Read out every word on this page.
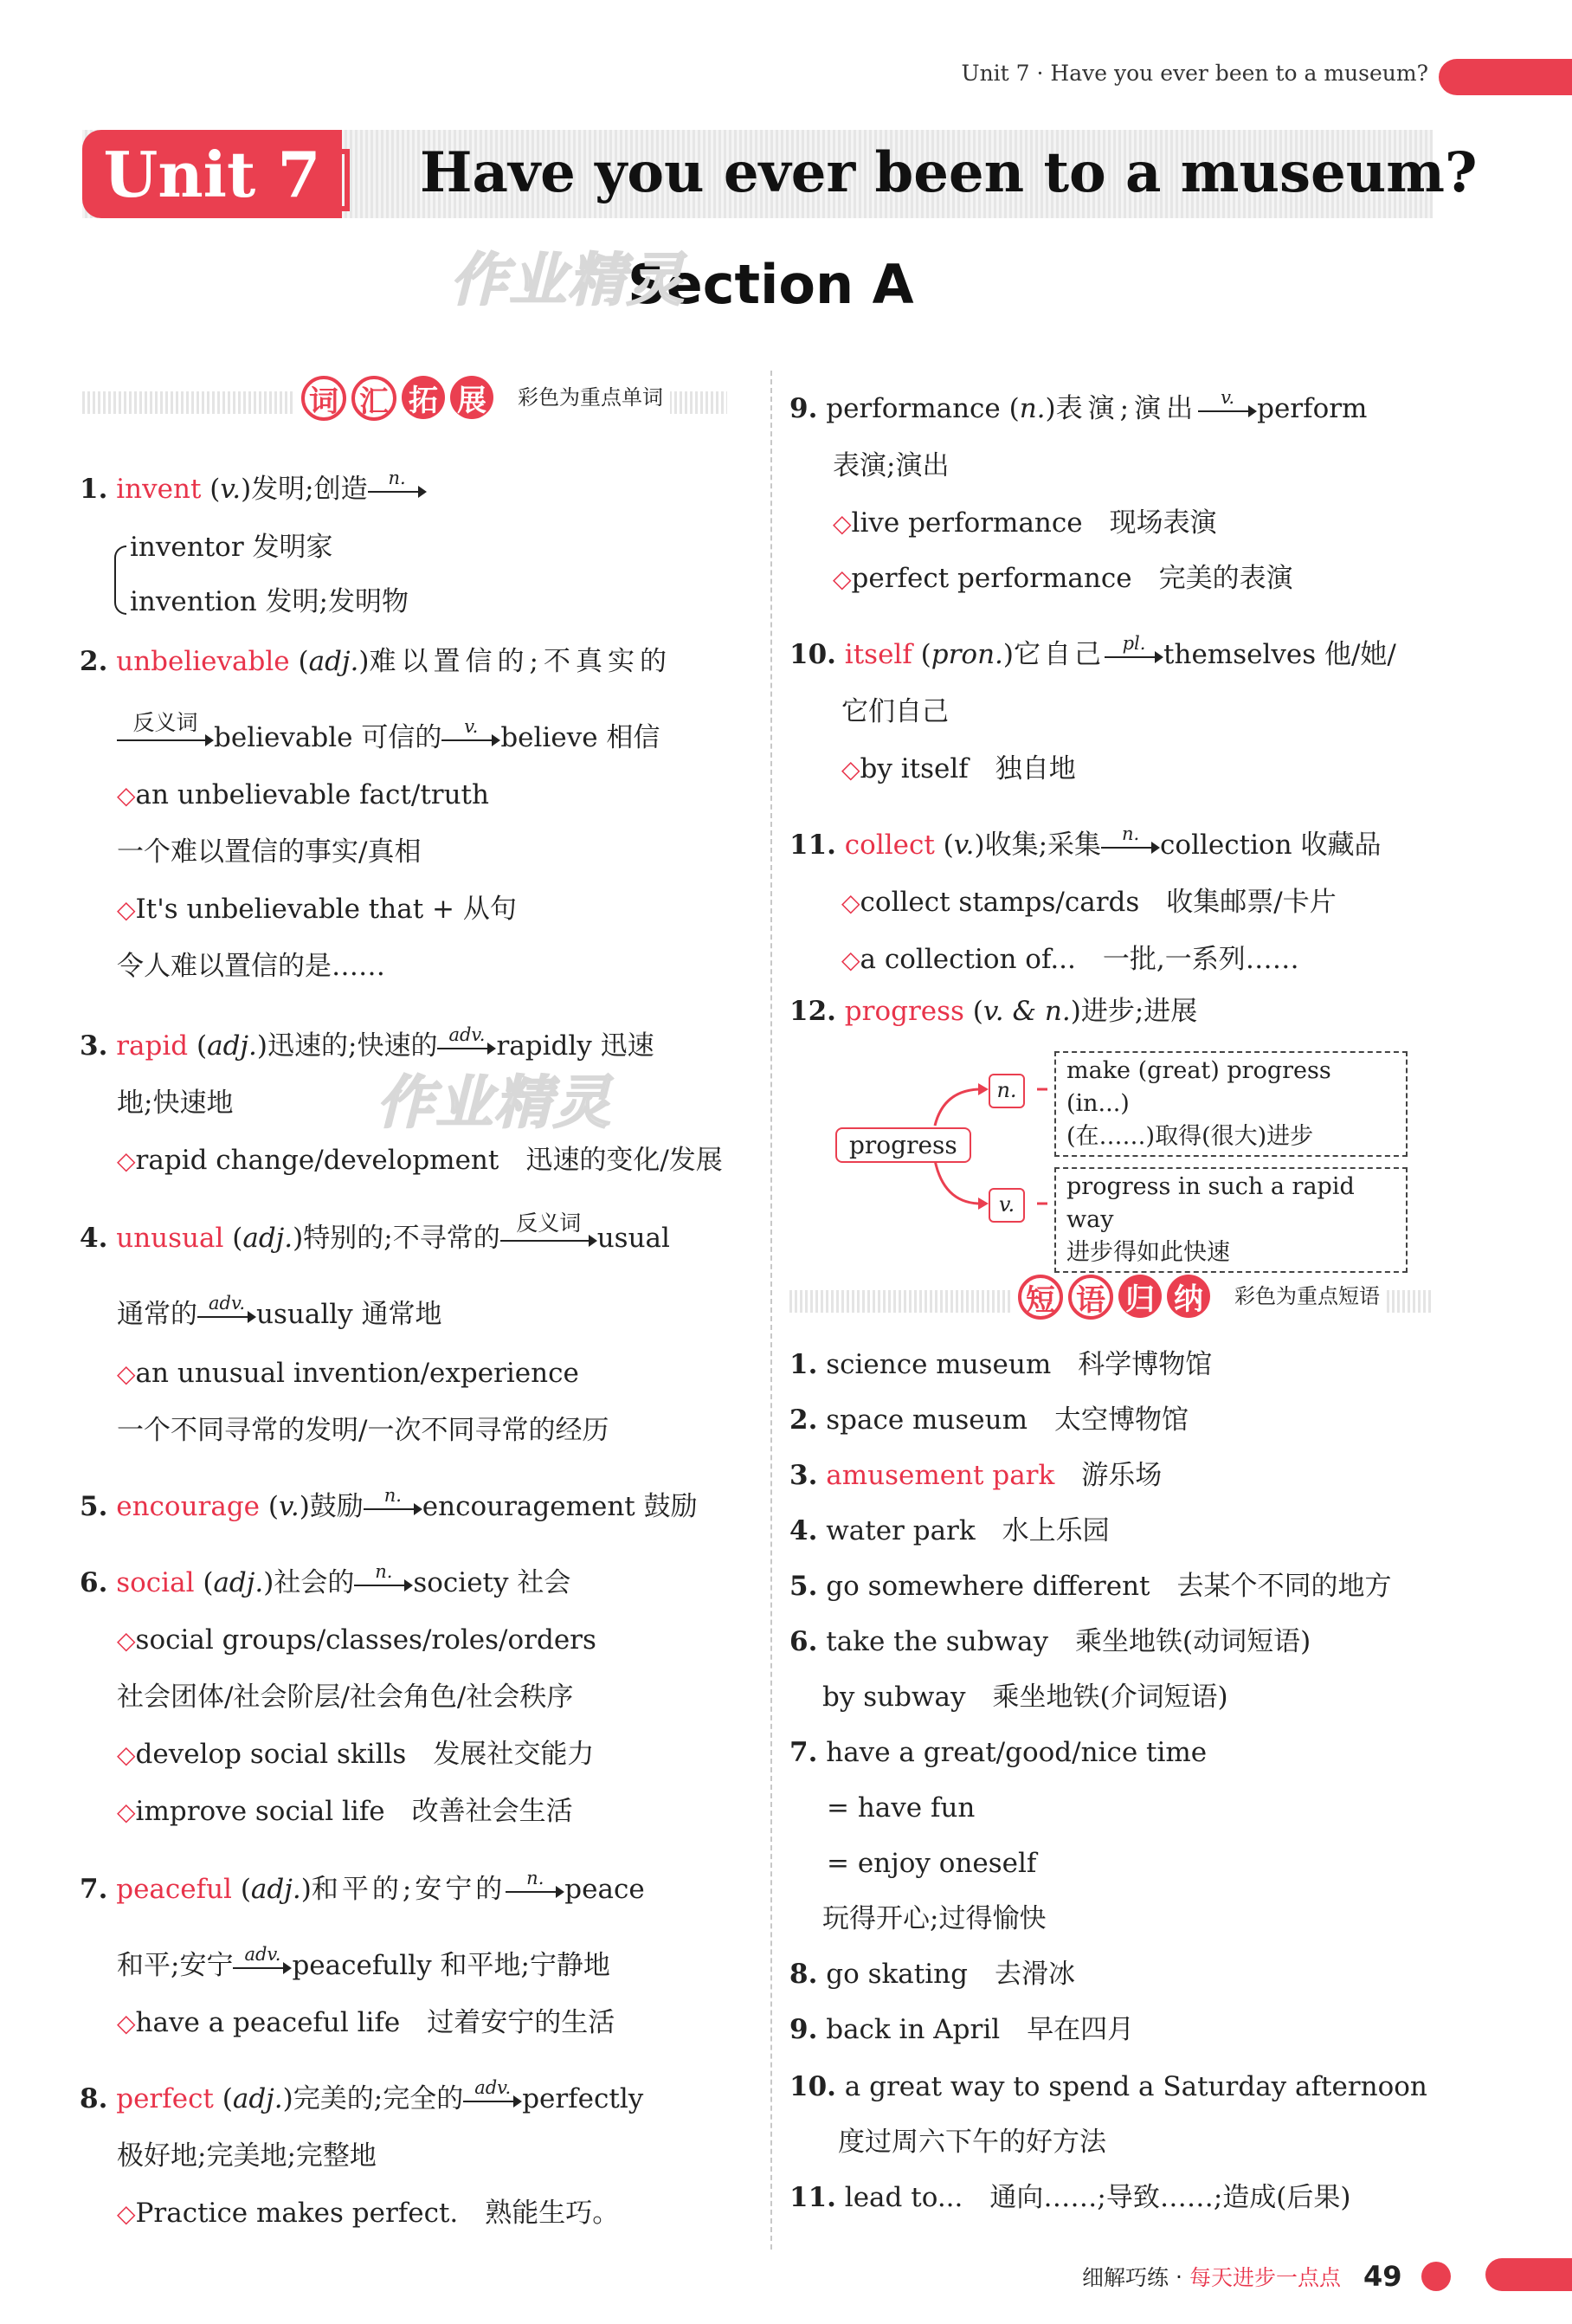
Unit 7 · Have you ever been to a museum?
Unit 7	Have you ever been to a museum?
Section A
作业精灵
作业精灵
词 汇 拓 展	彩色为重点单词
1. invent (v.)发明;创造	n.
inventor 发明家
invention 发明;发明物
2. unbelievable (adj.)难以置信的;不真实的
反义词 believable 可信的	v. believe 相信
◇an unbelievable fact/truth
一个难以置信的事实/真相
◇It's unbelievable that + 从句
令人难以置信的是……
3. rapid (adj.)迅速的;快速的 adv. rapidly 迅速
地;快速地
◇rapid change/development　 迅速的变化/发展
4. unusual (adj.)特别的;不寻常的 反义词 usual
通常的 adv. usually 通常地
◇an unusual invention/experience
一个不同寻常的发明/一次不同寻常的经历
5. encourage (v.)鼓励	n. encouragement 鼓励
6. social (adj.)社会的	n. society 社会
◇social groups/classes/roles/orders
社会团体/社会阶层/社会角色/社会秩序
◇develop social skills　 发展社交能力
◇improve social life　 改善社会生活
7. peaceful (adj.)和平的;安宁的	n. peace
和平;安宁 adv. peacefully 和平地;宁静地
◇have a peaceful life　 过着安宁的生活
8. perfect (adj.)完美的;完全的 adv. perfectly
极好地;完美地;完整地
◇Practice makes perfect.　 熟能生巧。
9. performance (n.)表演;演出	v. perform
表演;演出
◇live performance　 现场表演
◇perfect performance　 完美的表演
10. itself (pron.)它自己 pl. themselves 他/她/
它们自己
◇by itself　 独自地
11. collect (v.)收集;采集	n. collection 收藏品
◇collect stamps/cards　 收集邮票/卡片
◇a collection of...　 一批,一系列……
12. progress (v. & n.)进步;进展
progress
n.
v.
make (great) progress (in...)
(在……)取得(很大)进步
progress in such a rapid way
进步得如此快速
短 语 归 纳	彩色为重点短语
1. science museum　 科学博物馆
2. space museum　 太空博物馆
3. amusement park　 游乐场
4. water park　 水上乐园
5. go somewhere different　 去某个不同的地方
6. take the subway　 乘坐地铁(动词短语)
by subway　 乘坐地铁(介词短语)
7. have a great/good/nice time
= have fun
= enjoy oneself
玩得开心;过得愉快
8. go skating　 去滑冰
9. back in April　 早在四月
10. a great way to spend a Saturday afternoon
度过周六下午的好方法
11. lead to...　 通向……;导致……;造成(后果)
细解巧练 · 每天进步一点点 49
